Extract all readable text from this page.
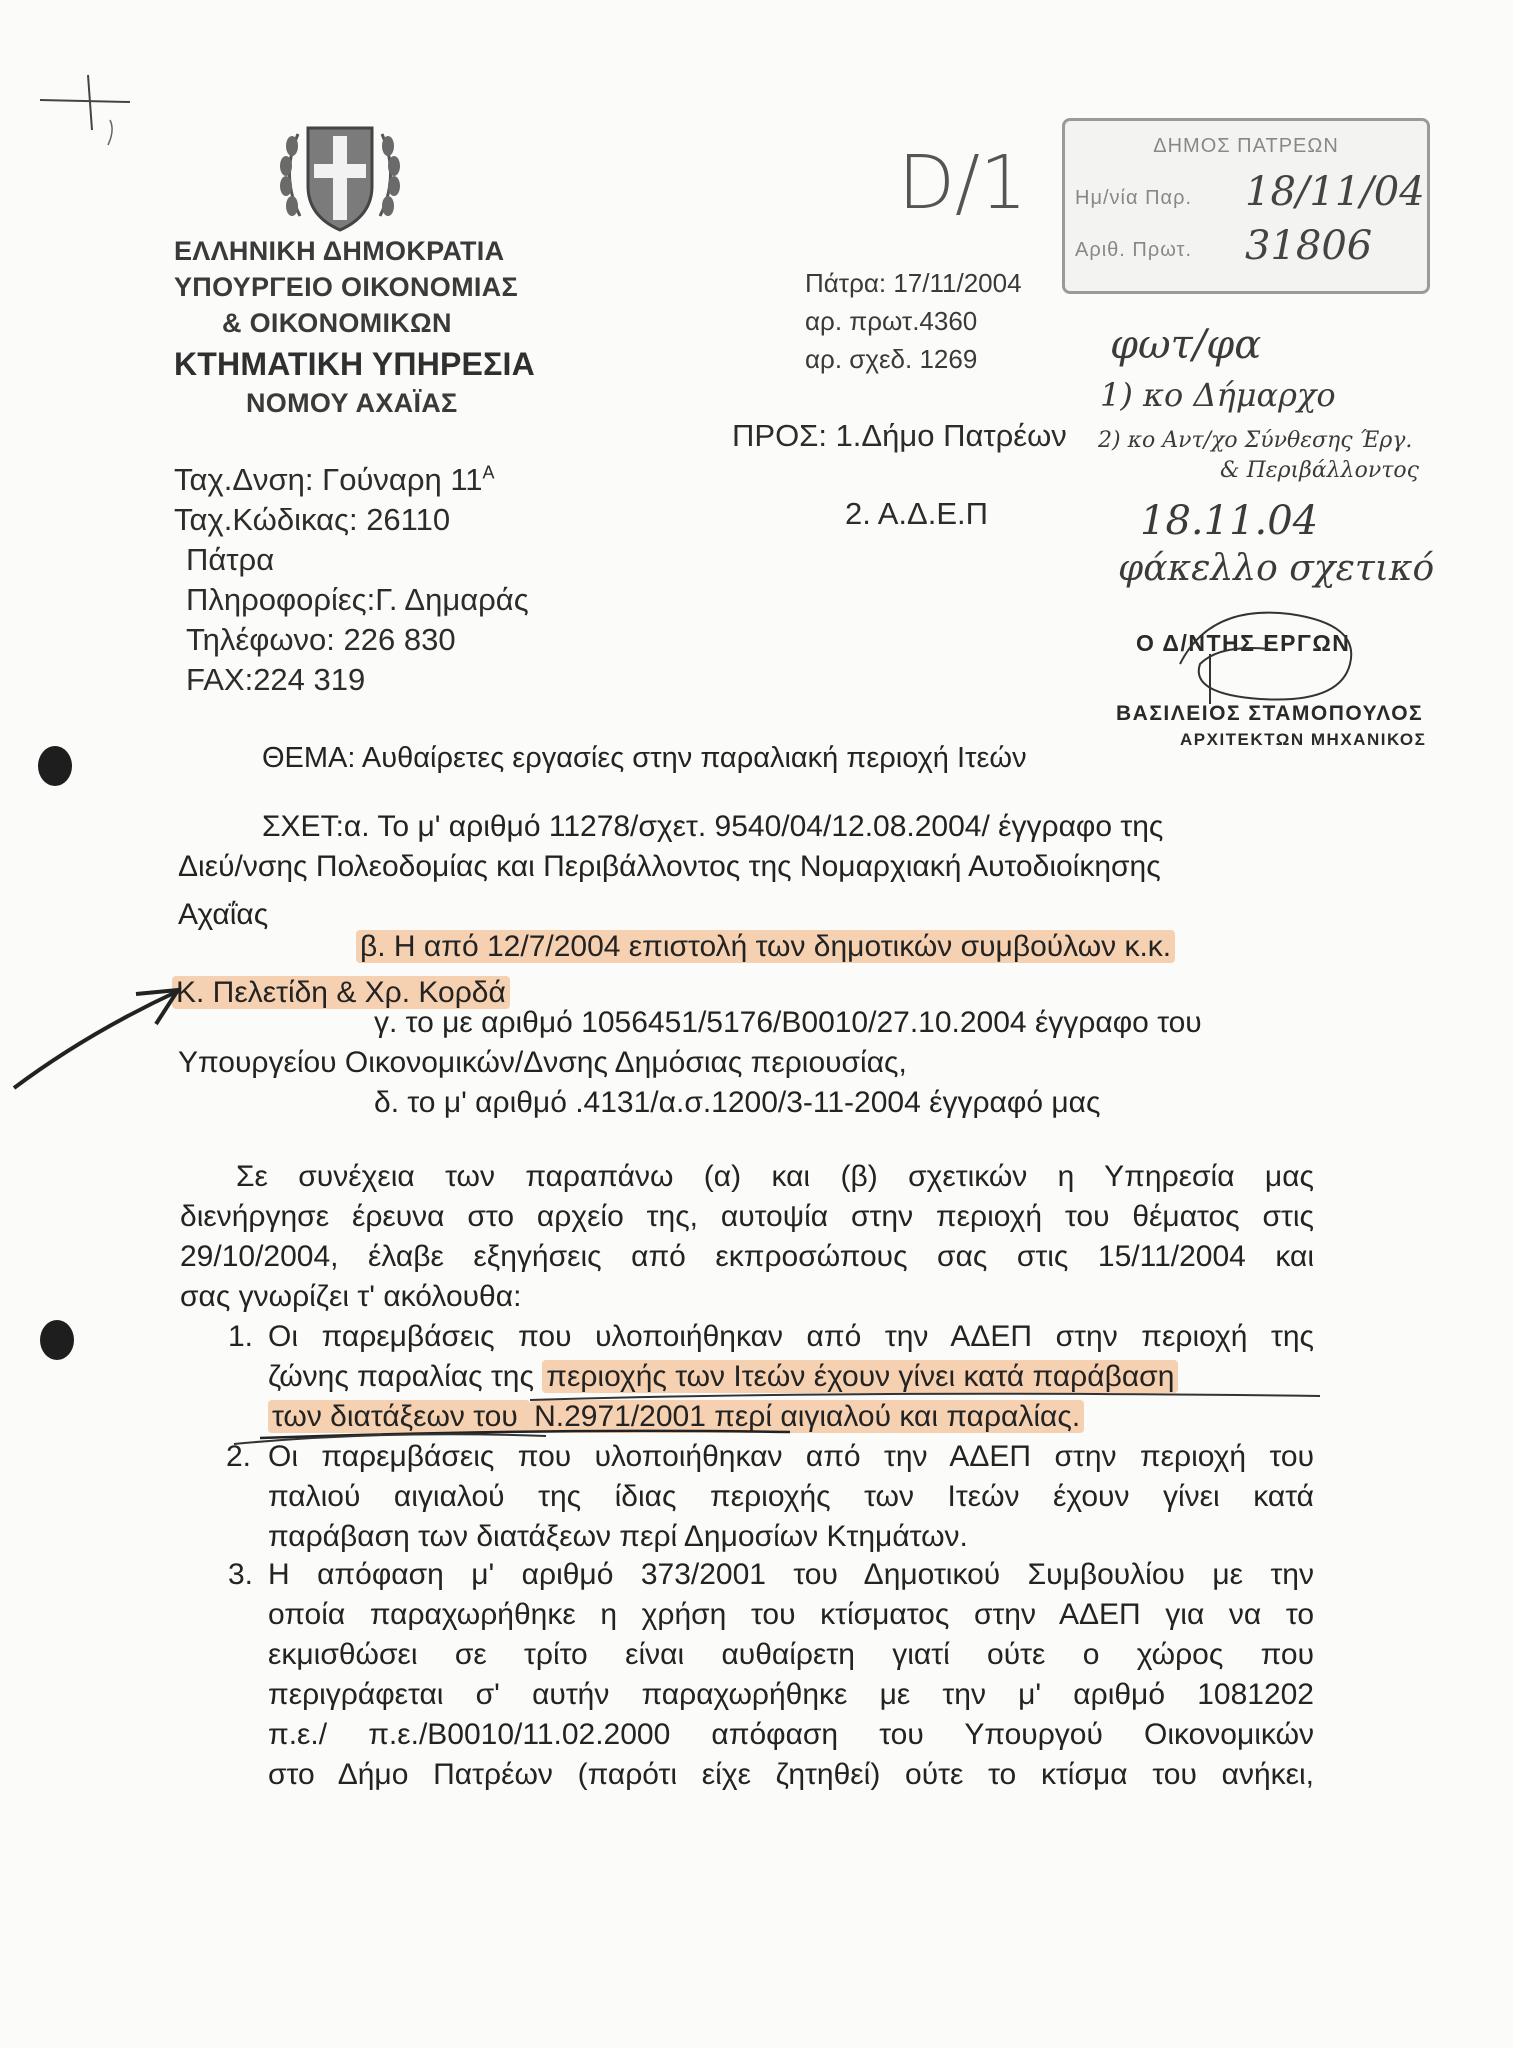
ΕΛΛΗΝΙΚΗ ΔΗΜΟΚΡΑΤΙΑ
ΥΠΟΥΡΓΕΙΟ ΟΙΚΟΝΟΜΙΑΣ
& ΟΙΚΟΝΟΜΙΚΩΝ
ΚΤΗΜΑΤΙΚΗ ΥΠΗΡΕΣΙΑ
ΝΟΜΟΥ ΑΧΑΪΑΣ
Ταχ.Δνση: Γούναρη $11^A$
Ταχ.Κώδικας: 26110
Πάτρα
Πληροφορίες:Γ. Δημαράς
Τηλέφωνο: 226 830
FAX:224 319
Πάτρα: 17/11/2004
αρ. πρωτ.4360
αρ. σχεδ. 1269
ΠΡΟΣ: 1.Δήμο Πατρέων
2. Α.Δ.Ε.Π
ΔΗΜΟΣ ΠΑΤΡΕΩΝ
Ημ/νία Παρ.
Αριθ. Πρωτ.
18/11/04
31806
D/1
φωτ/φα
1) κο Δήμαρχο
2) κο Αντ/χο Σύνθεσης Έργ.
& Περιβάλλοντος
18.11.04
φάκελλο σχετικό
Ο Δ/ΝΤΗΣ ΕΡΓΩΝ
ΒΑΣΙΛΕΙΟΣ ΣΤΑΜΟΠΟΥΛΟΣ
ΑΡΧΙΤΕΚΤΩΝ ΜΗΧΑΝΙΚΟΣ
ΘΕΜΑ: Αυθαίρετες εργασίες στην παραλιακή περιοχή Ιτεών
ΣΧΕΤ:α. Το μ' αριθμό 11278/σχετ. 9540/04/12.08.2004/ έγγραφο της
Διεύ/νσης Πολεοδομίας και Περιβάλλοντος της Νομαρχιακή Αυτοδιοίκησης
Αχαΐας
β. Η από 12/7/2004 επιστολή των δημοτικών συμβούλων κ.κ.
Κ. Πελετίδη & Χρ. Κορδά
γ. το με αριθμό 1056451/5176/Β0010/27.10.2004 έγγραφο του
Υπουργείου Οικονομικών/Δνσης Δημόσιας περιουσίας,
δ. το μ' αριθμό .4131/α.σ.1200/3-11-2004 έγγραφό μας
Σε συνέχεια των παραπάνω (α) και (β) σχετικών η Υπηρεσία μας
διενήργησε έρευνα στο αρχείο της, αυτοψία στην περιοχή του θέματος στις
29/10/2004, έλαβε εξηγήσεις από εκπροσώπους σας στις 15/11/2004 και
σας γνωρίζει τ' ακόλουθα:
1. Οι παρεμβάσεις που υλοποιήθηκαν από την ΑΔΕΠ στην περιοχή της
ζώνης παραλίας της περιοχής των Ιτεών έχουν γίνει κατά παράβαση
των διατάξεων του Ν.2971/2001 περί αιγιαλού και παραλίας.
2. Οι παρεμβάσεις που υλοποιήθηκαν από την ΑΔΕΠ στην περιοχή του
παλιού αιγιαλού της ίδιας περιοχής των Ιτεών έχουν γίνει κατά
παράβαση των διατάξεων περί Δημοσίων Κτημάτων.
3. Η απόφαση μ' αριθμό 373/2001 του Δημοτικού Συμβουλίου με την
οποία παραχωρήθηκε η χρήση του κτίσματος στην ΑΔΕΠ για να το
εκμισθώσει σε τρίτο είναι αυθαίρετη γιατί ούτε ο χώρος που
περιγράφεται σ' αυτήν παραχωρήθηκε με την μ' αριθμό 1081202
π.ε./ π.ε./Β0010/11.02.2000 απόφαση του Υπουργού Οικονομικών
στο Δήμο Πατρέων (παρότι είχε ζητηθεί) ούτε το κτίσμα του ανήκει,
